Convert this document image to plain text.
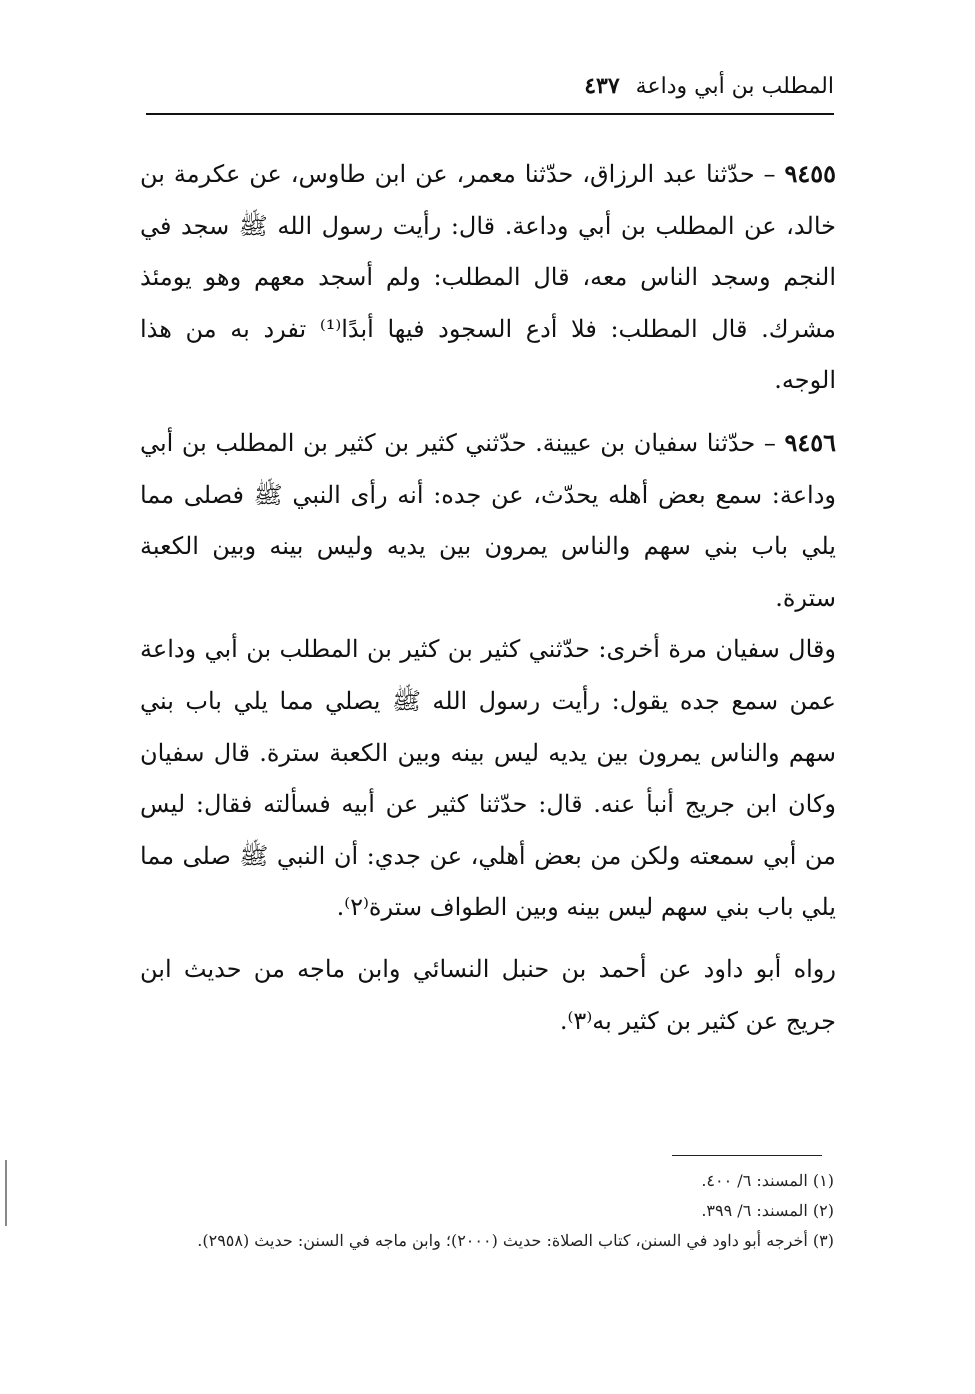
المطلب بن أبي وداعة
٤٣٧

٩٤٥٥ – حدّثنا عبد الرزاق، حدّثنا معمر، عن ابن طاوس، عن عكرمة بن خالد، عن المطلب بن أبي وداعة. قال: رأيت رسول الله ﷺ سجد في النجم وسجد الناس معه، قال المطلب: ولم أسجد معهم وهو يومئذ مشرك. قال المطلب: فلا أدع السجود فيها أبدًا⁽¹⁾ تفرد به من هذا الوجه.

٩٤٥٦ – حدّثنا سفيان بن عيينة. حدّثني كثير بن كثير بن المطلب بن أبي وداعة: سمع بعض أهله يحدّث، عن جده: أنه رأى النبي ﷺ فصلى مما يلي باب بني سهم والناس يمرون بين يديه وليس بينه وبين الكعبة سترة.

وقال سفيان مرة أخرى: حدّثني كثير بن كثير بن المطلب بن أبي وداعة عمن سمع جده يقول: رأيت رسول الله ﷺ يصلي مما يلي باب بني سهم والناس يمرون بين يديه ليس بينه وبين الكعبة سترة. قال سفيان وكان ابن جريج أنبأ عنه. قال: حدّثنا كثير عن أبيه فسألته فقال: ليس من أبي سمعته ولكن من بعض أهلي، عن جدي: أن النبي ﷺ صلى مما يلي باب بني سهم ليس بينه وبين الطواف سترة⁽٢⁾.

رواه أبو داود عن أحمد بن حنبل النسائي وابن ماجه من حديث ابن جريج عن كثير بن كثير به⁽٣⁾.

(١) المسند: ٦/ ٤٠٠.

(٢) المسند: ٦/ ٣٩٩.

(٣) أخرجه أبو داود في السنن، كتاب الصلاة: حديث (٢٠٠٠)؛ وابن ماجه في السنن: حديث (٢٩٥٨).
